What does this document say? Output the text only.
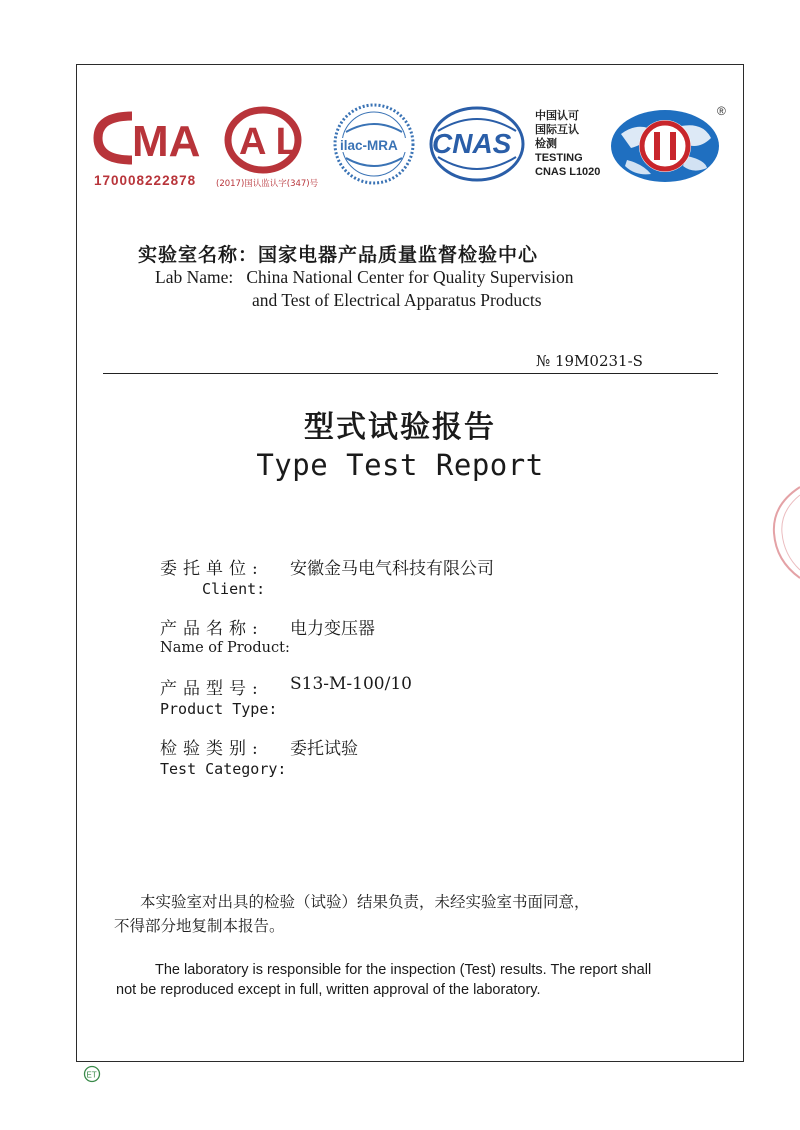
MA
170008222878
A L
(2017)国认监认字(347)号
ilac-MRA CNAS
中国认可
国际互认
检测
TESTING
CNAS L1020
®
实验室名称：国家电器产品质量监督检验中心
Lab Name:   China National Center for Quality Supervision
and Test of Electrical Apparatus Products
№ 19M0231-S
型式试验报告
Type Test Report
委托单位: 安徽金马电气科技有限公司
Client:
产品名称: 电力变压器
Name of Product:
产品型号: S13-M-100/10
Product Type:
检验类别: 委托试验
Test Category:
本实验室对出具的检验（试验）结果负责，未经实验室书面同意，
不得部分地复制本报告。
The laboratory is responsible for the inspection (Test) results. The report shall
not be reproduced except in full, written approval of the laboratory.
ET
